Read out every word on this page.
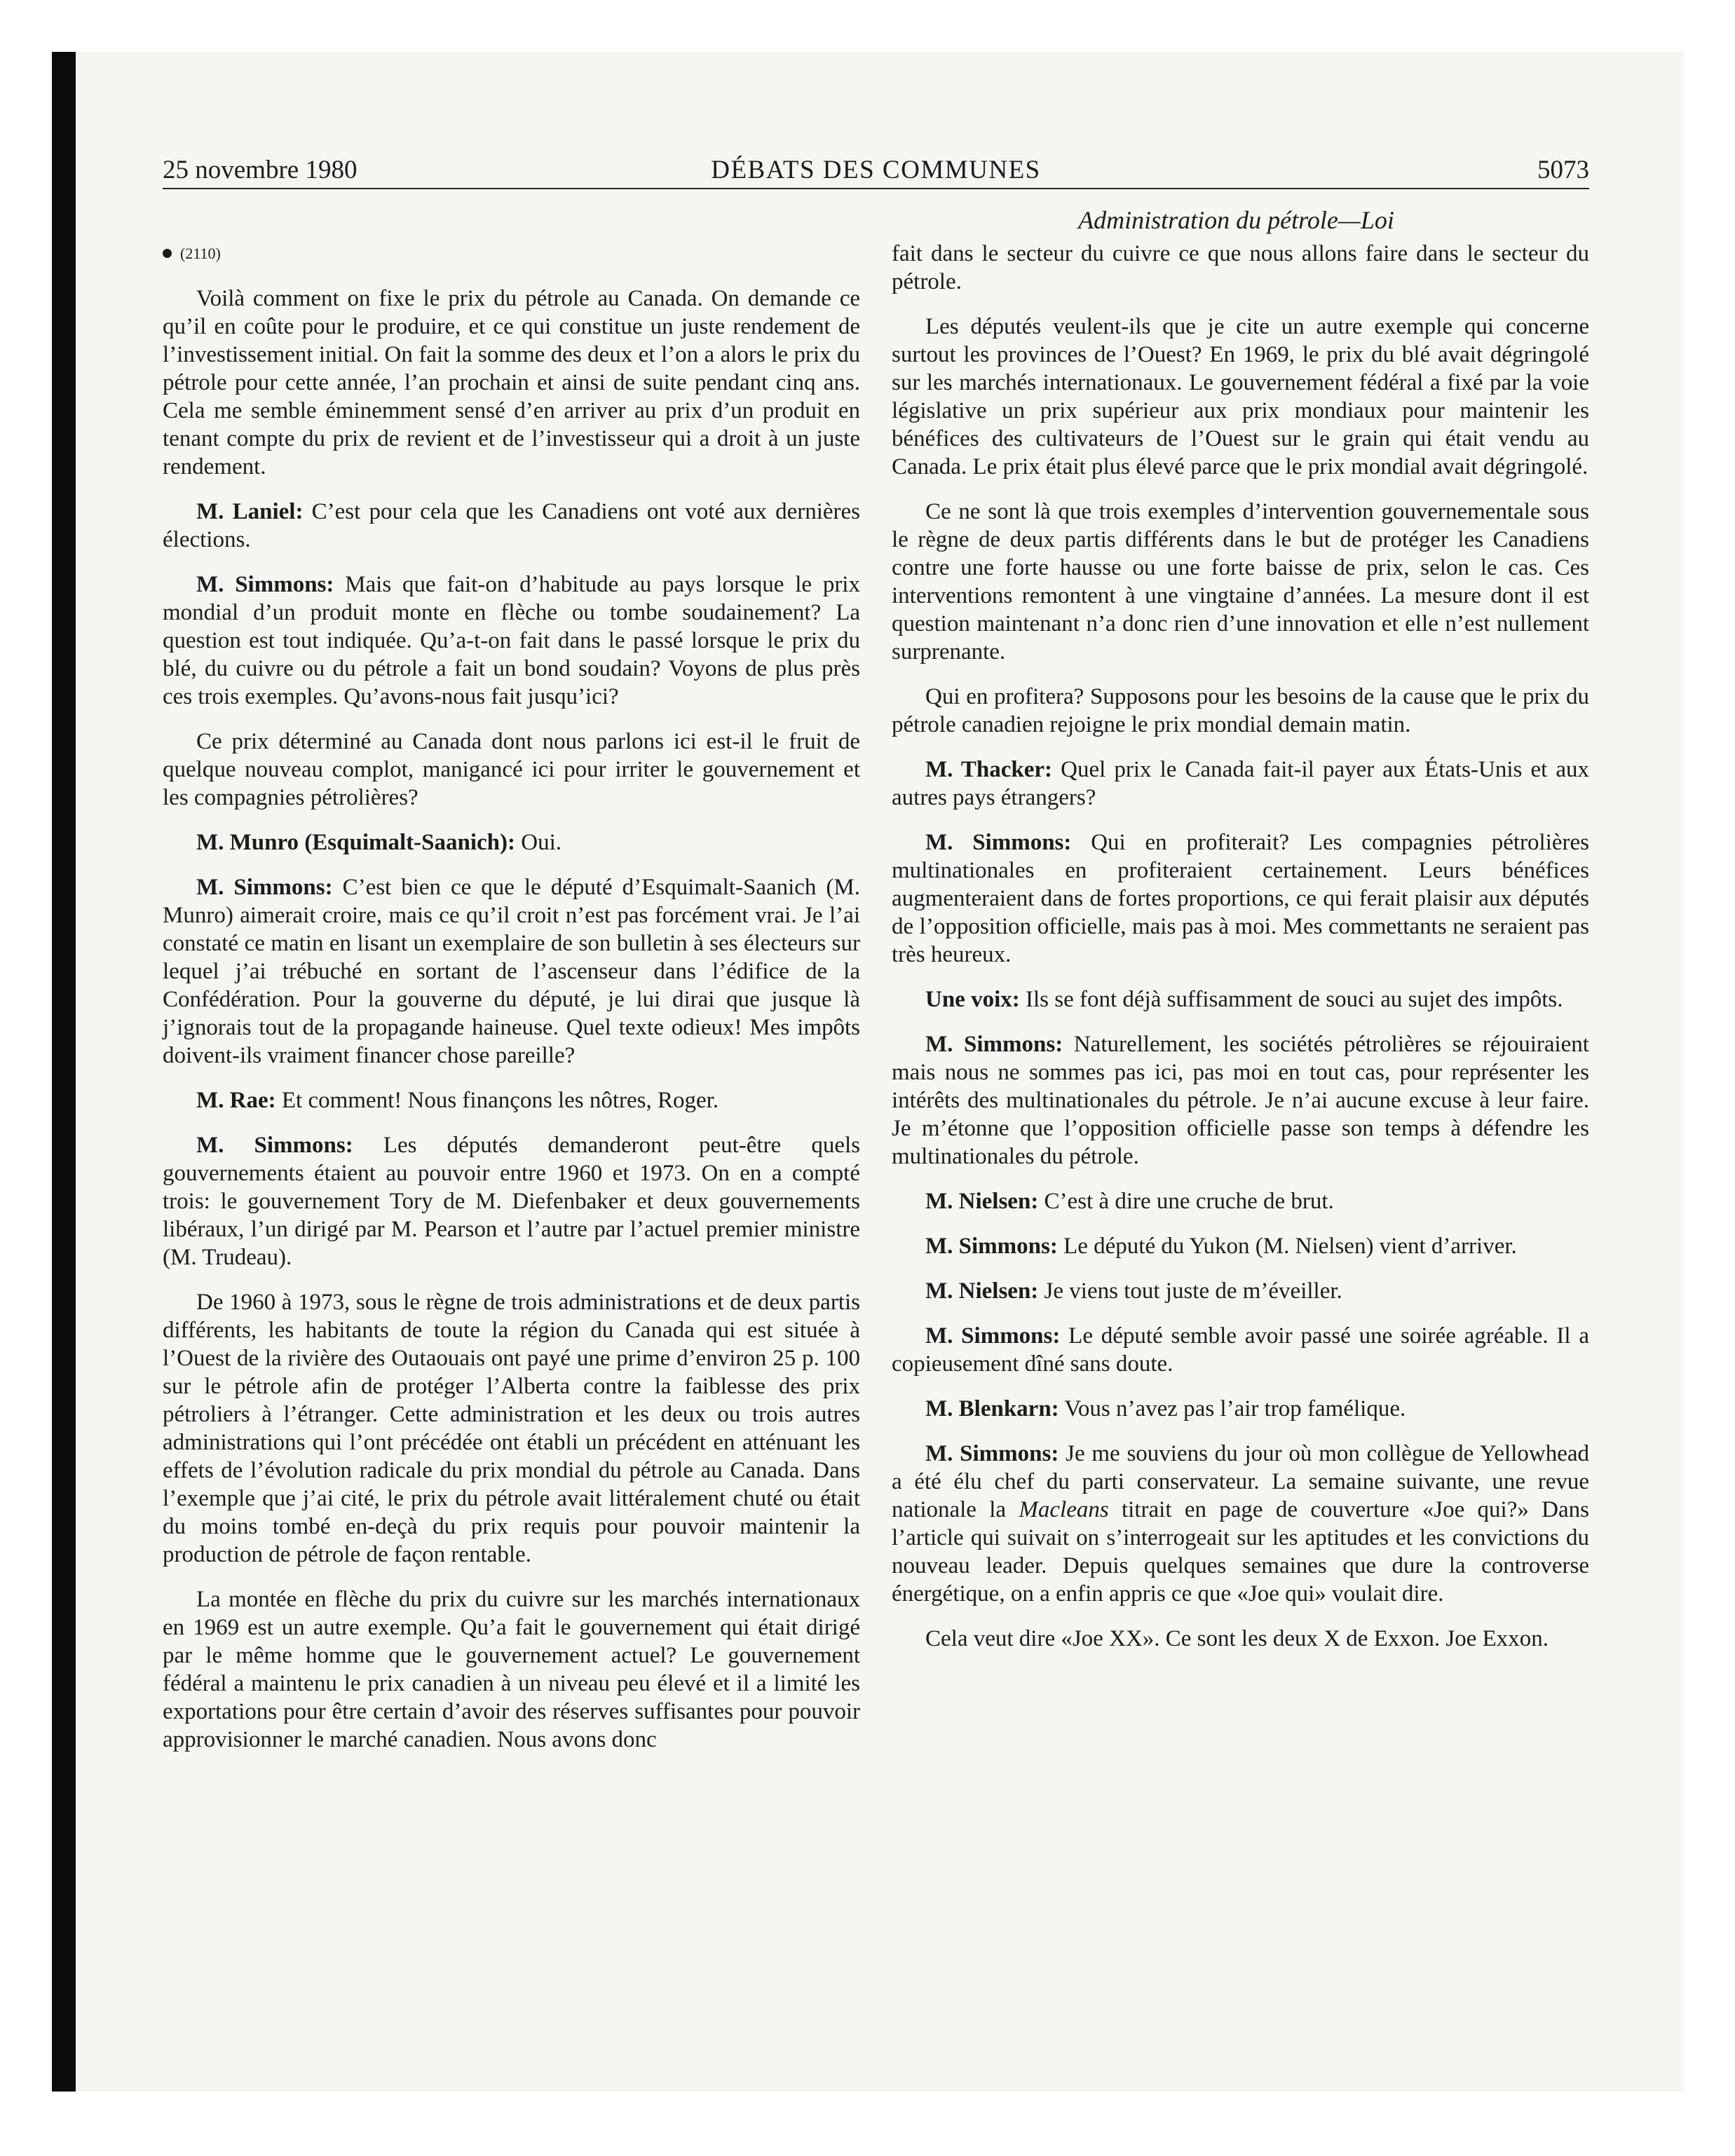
25 novembre 1980	DÉBATS DES COMMUNES	5073
Administration du pétrole—Loi
(2110)

Voilà comment on fixe le prix du pétrole au Canada. On demande ce qu’il en coûte pour le produire, et ce qui constitue un juste rendement de l’investissement initial. On fait la somme des deux et l’on a alors le prix du pétrole pour cette année, l’an prochain et ainsi de suite pendant cinq ans. Cela me semble éminemment sensé d’en arriver au prix d’un produit en tenant compte du prix de revient et de l’investisseur qui a droit à un juste rendement.

M. Laniel: C’est pour cela que les Canadiens ont voté aux dernières élections.

M. Simmons: Mais que fait-on d’habitude au pays lorsque le prix mondial d’un produit monte en flèche ou tombe soudainement? La question est tout indiquée. Qu’a-t-on fait dans le passé lorsque le prix du blé, du cuivre ou du pétrole a fait un bond soudain? Voyons de plus près ces trois exemples. Qu’avons-nous fait jusqu’ici?

Ce prix déterminé au Canada dont nous parlons ici est-il le fruit de quelque nouveau complot, manigancé ici pour irriter le gouvernement et les compagnies pétrolières?

M. Munro (Esquimalt-Saanich): Oui.

M. Simmons: C’est bien ce que le député d’Esquimalt-Saanich (M. Munro) aimerait croire, mais ce qu’il croit n’est pas forcément vrai. Je l’ai constaté ce matin en lisant un exemplaire de son bulletin à ses électeurs sur lequel j’ai trébuché en sortant de l’ascenseur dans l’édifice de la Confédération. Pour la gouverne du député, je lui dirai que jusque là j’ignorais tout de la propagande haineuse. Quel texte odieux! Mes impôts doivent-ils vraiment financer chose pareille?

M. Rae: Et comment! Nous finançons les nôtres, Roger.

M. Simmons: Les députés demanderont peut-être quels gouvernements étaient au pouvoir entre 1960 et 1973. On en a compté trois: le gouvernement Tory de M. Diefenbaker et deux gouvernements libéraux, l’un dirigé par M. Pearson et l’autre par l’actuel premier ministre (M. Trudeau).

De 1960 à 1973, sous le règne de trois administrations et de deux partis différents, les habitants de toute la région du Canada qui est située à l’Ouest de la rivière des Outaouais ont payé une prime d’environ 25 p. 100 sur le pétrole afin de protéger l’Alberta contre la faiblesse des prix pétroliers à l’étranger. Cette administration et les deux ou trois autres administrations qui l’ont précédée ont établi un précédent en atténuant les effets de l’évolution radicale du prix mondial du pétrole au Canada. Dans l’exemple que j’ai cité, le prix du pétrole avait littéralement chuté ou était du moins tombé en-deçà du prix requis pour pouvoir maintenir la production de pétrole de façon rentable.

La montée en flèche du prix du cuivre sur les marchés internationaux en 1969 est un autre exemple. Qu’a fait le gouvernement qui était dirigé par le même homme que le gouvernement actuel? Le gouvernement fédéral a maintenu le prix canadien à un niveau peu élevé et il a limité les exportations pour être certain d’avoir des réserves suffisantes pour pouvoir approvisionner le marché canadien. Nous avons donc

fait dans le secteur du cuivre ce que nous allons faire dans le secteur du pétrole.

Les députés veulent-ils que je cite un autre exemple qui concerne surtout les provinces de l’Ouest? En 1969, le prix du blé avait dégringolé sur les marchés internationaux. Le gouvernement fédéral a fixé par la voie législative un prix supérieur aux prix mondiaux pour maintenir les bénéfices des cultivateurs de l’Ouest sur le grain qui était vendu au Canada. Le prix était plus élevé parce que le prix mondial avait dégringolé.

Ce ne sont là que trois exemples d’intervention gouvernementale sous le règne de deux partis différents dans le but de protéger les Canadiens contre une forte hausse ou une forte baisse de prix, selon le cas. Ces interventions remontent à une vingtaine d’années. La mesure dont il est question maintenant n’a donc rien d’une innovation et elle n’est nullement surprenante.

Qui en profitera? Supposons pour les besoins de la cause que le prix du pétrole canadien rejoigne le prix mondial demain matin.

M. Thacker: Quel prix le Canada fait-il payer aux États-Unis et aux autres pays étrangers?

M. Simmons: Qui en profiterait? Les compagnies pétrolières multinationales en profiteraient certainement. Leurs bénéfices augmenteraient dans de fortes proportions, ce qui ferait plaisir aux députés de l’opposition officielle, mais pas à moi. Mes commettants ne seraient pas très heureux.

Une voix: Ils se font déjà suffisamment de souci au sujet des impôts.

M. Simmons: Naturellement, les sociétés pétrolières se réjouiraient mais nous ne sommes pas ici, pas moi en tout cas, pour représenter les intérêts des multinationales du pétrole. Je n’ai aucune excuse à leur faire. Je m’étonne que l’opposition officielle passe son temps à défendre les multinationales du pétrole.

M. Nielsen: C’est à dire une cruche de brut.

M. Simmons: Le député du Yukon (M. Nielsen) vient d’arriver.

M. Nielsen: Je viens tout juste de m’éveiller.

M. Simmons: Le député semble avoir passé une soirée agréable. Il a copieusement dîné sans doute.

M. Blenkarn: Vous n’avez pas l’air trop famélique.

M. Simmons: Je me souviens du jour où mon collègue de Yellowhead a été élu chef du parti conservateur. La semaine suivante, une revue nationale la Macleans titrait en page de couverture «Joe qui?» Dans l’article qui suivait on s’interrogeait sur les aptitudes et les convictions du nouveau leader. Depuis quelques semaines que dure la controverse énergétique, on a enfin appris ce que «Joe qui» voulait dire.

Cela veut dire «Joe XX». Ce sont les deux X de Exxon. Joe Exxon.
